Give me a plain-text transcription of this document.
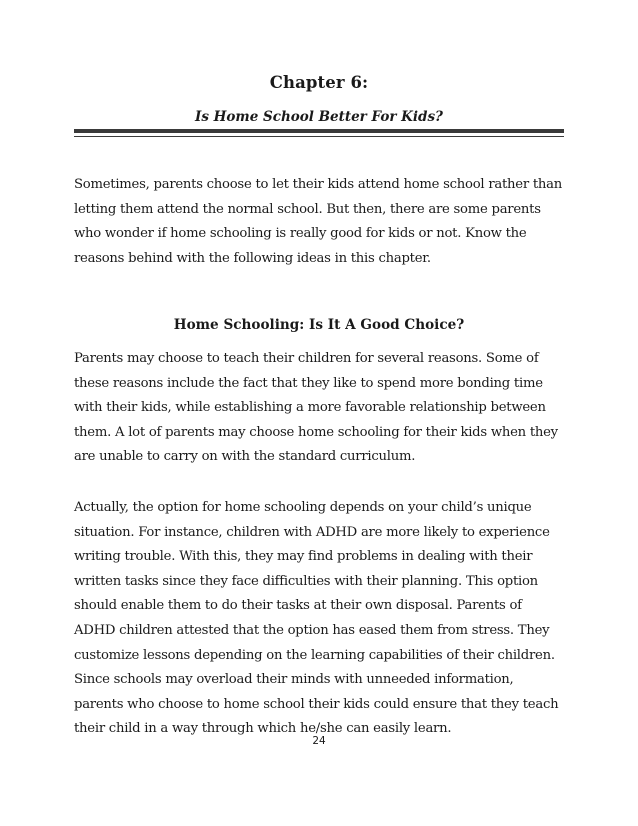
Chapter 6:
Is Home School Better For Kids?
Sometimes, parents choose to let their kids attend home school rather than
letting them attend the normal school. But then, there are some parents
who wonder if home schooling is really good for kids or not. Know the
reasons behind with the following ideas in this chapter.
Home Schooling: Is It A Good Choice?
Parents may choose to teach their children for several reasons. Some of
these reasons include the fact that they like to spend more bonding time
with their kids, while establishing a more favorable relationship between
them. A lot of parents may choose home schooling for their kids when they
are unable to carry on with the standard curriculum.
Actually, the option for home schooling depends on your child’s unique
situation. For instance, children with ADHD are more likely to experience
writing trouble. With this, they may find problems in dealing with their
written tasks since they face difficulties with their planning. This option
should enable them to do their tasks at their own disposal. Parents of
ADHD children attested that the option has eased them from stress. They
customize lessons depending on the learning capabilities of their children.
Since schools may overload their minds with unneeded information,
parents who choose to home school their kids could ensure that they teach
their child in a way through which he/she can easily learn.
24
